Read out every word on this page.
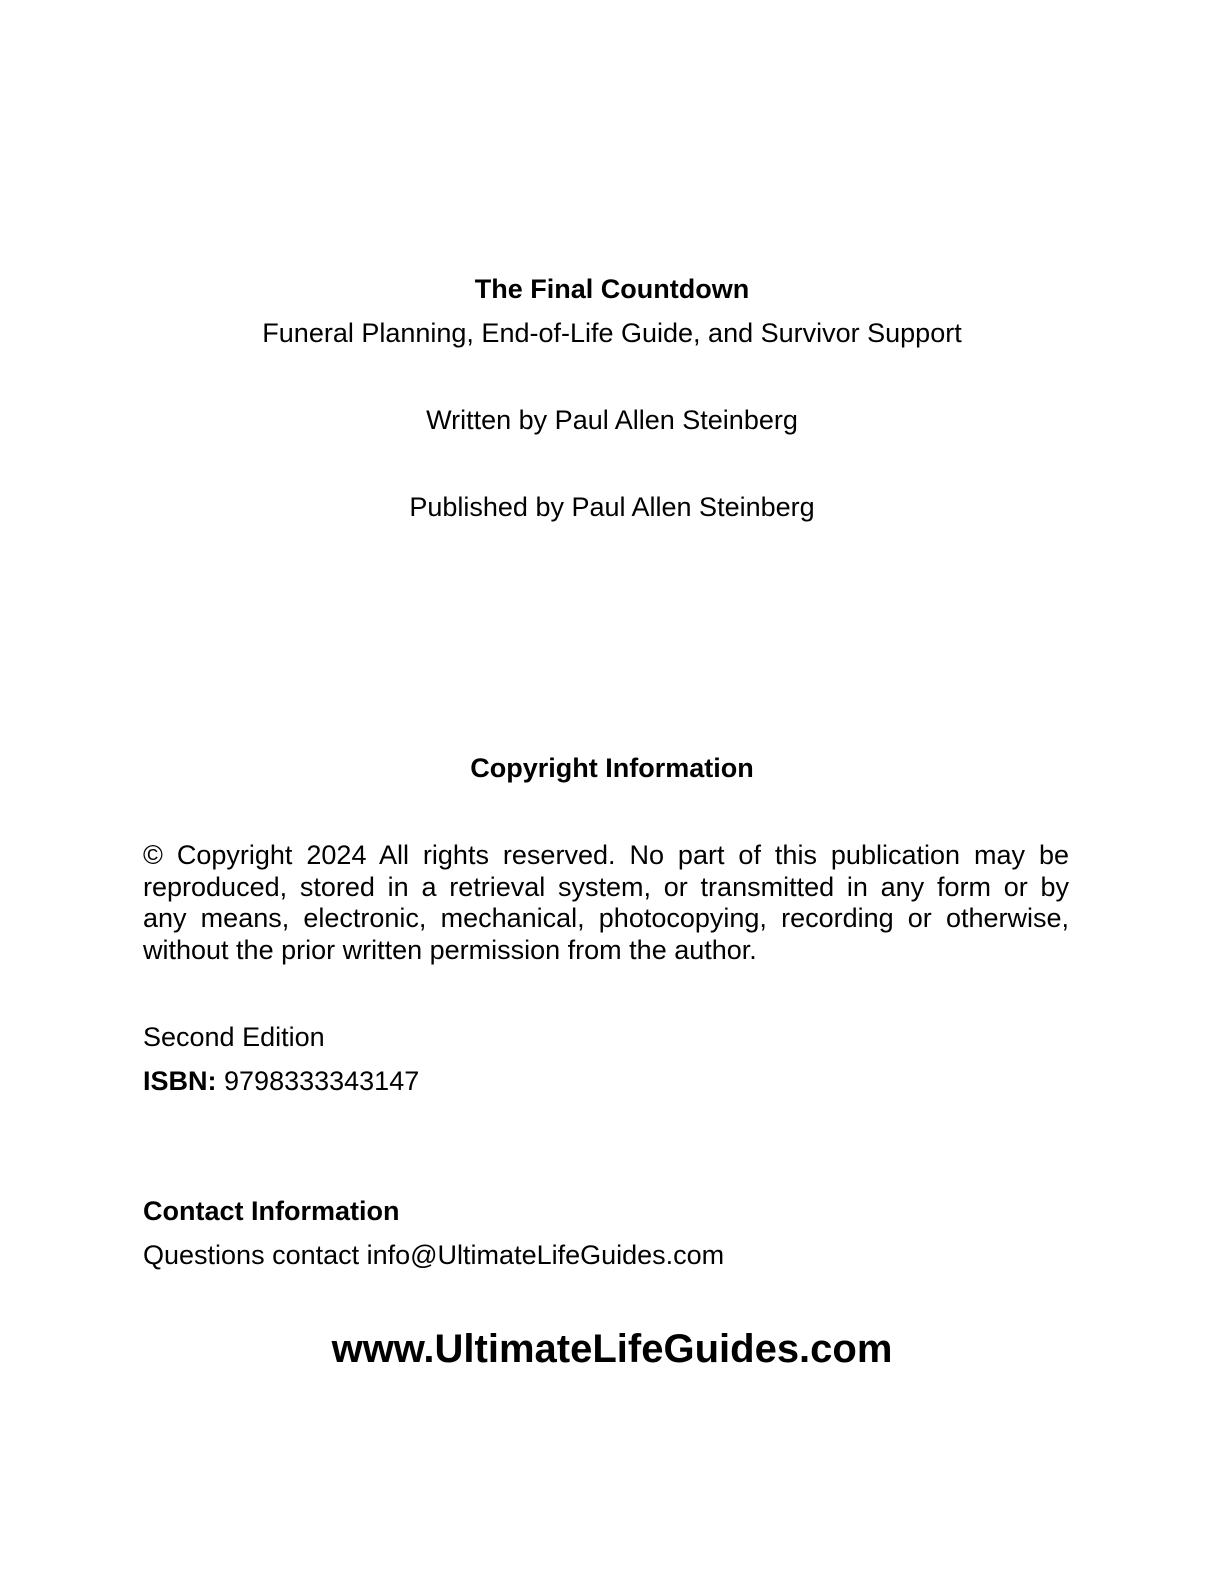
The Final Countdown

Funeral Planning, End-of-Life Guide, and Survivor Support

Written by Paul Allen Steinberg

Published by Paul Allen Steinberg

Copyright Information

© Copyright 2024 All rights reserved. No part of this publication may be

reproduced, stored in a retrieval system, or transmitted in any form or by

any means, electronic, mechanical, photocopying, recording or otherwise,

without the prior written permission from the author.

Second Edition

ISBN: 9798333343147

Contact Information

Questions contact info@UltimateLifeGuides.com

www.UltimateLifeGuides.com
